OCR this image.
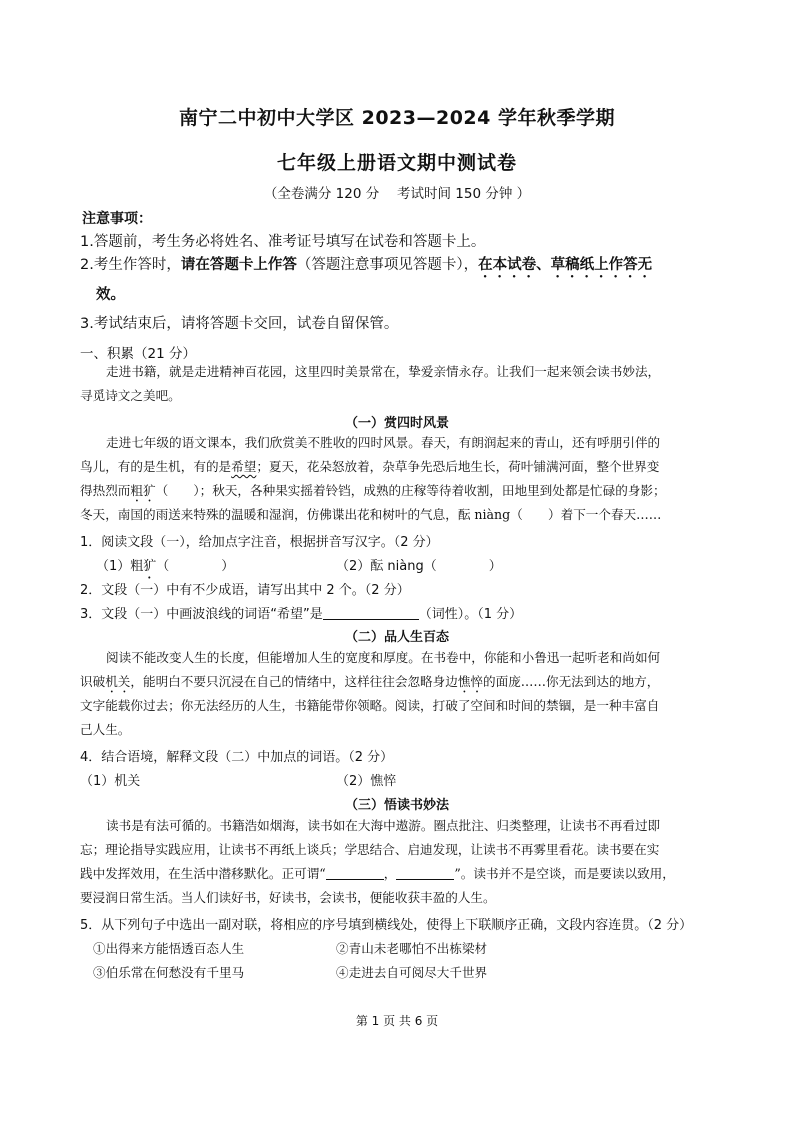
南宁二中初中大学区 2023—2024 学年秋季学期
七年级上册语文期中测试卷
（全卷满分 120 分　 考试时间 150 分钟 ）
注意事项：
1.答题前，考生务必将姓名、准考证号填写在试卷和答题卡上。
2.考生作答时，请在答题卡上作答（答题注意事项见答题卡），在本试卷、草稿纸上作答无
效。
3.考试结束后，请将答题卡交回，试卷自留保管。
一、积累（21 分）
走进书籍，就是走进精神百花园，这里四时美景常在，挚爱亲情永存。让我们一起来领会读书妙法，
寻觅诗文之美吧。
（一）赏四时风景
走进七年级的语文课本，我们欣赏美不胜收的四时风景。春天，有朗润起来的青山，还有呼朋引伴的
鸟儿，有的是生机，有的是希望；夏天，花朵怒放着，杂草争先恐后地生长，荷叶铺满河面，整个世界变
得热烈而粗犷（　　）；秋天，各种果实摇着铃铛，成熟的庄稼等待着收割，田地里到处都是忙碌的身影；
冬天，南国的雨送来特殊的温暖和湿润，仿佛谍出花和树叶的气息，酝 niàng（　　）着下一个春天……
1．阅读文段（一），给加点字注音，根据拼音写汉字。（2 分）
（1）粗犷（　　　　）	（2）酝 niàng（　　　　）
2．文段（一）中有不少成语，请写出其中 2 个。（2 分）
3．文段（一）中画波浪线的词语“希望”是	（词性）。（1 分）
（二）品人生百态
阅读不能改变人生的长度，但能增加人生的宽度和厚度。在书卷中，你能和小鲁迅一起听老和尚如何
识破机关，能明白不要只沉浸在自己的情绪中，这样往往会忽略身边憔悴的面庞……你无法到达的地方，
文字能载你过去；你无法经历的人生，书籍能带你领略。阅读，打破了空间和时间的禁锢，是一种丰富自
己人生。
4．结合语境，解释文段（二）中加点的词语。（2 分）
（1）机关	（2）憔悴
（三）悟读书妙法
读书是有法可循的。书籍浩如烟海，读书如在大海中遨游。圈点批注、归类整理，让读书不再看过即
忘；理论指导实践应用，让读书不再纸上谈兵；学思结合、启迪发现，让读书不再雾里看花。读书要在实
践中发挥效用，在生活中潜移默化。正可谓“	，	”。读书并不是空谈，而是要读以致用，
要浸润日常生活。当人们读好书，好读书，会读书，便能收获丰盈的人生。
5．从下列句子中选出一副对联，将相应的序号填到横线处，使得上下联顺序正确，文段内容连贯。（2 分）
①出得来方能悟透百态人生	②青山未老哪怕不出栋梁材
③伯乐常在何愁没有千里马	④走进去自可阅尽大千世界
第 1 页 共 6 页
